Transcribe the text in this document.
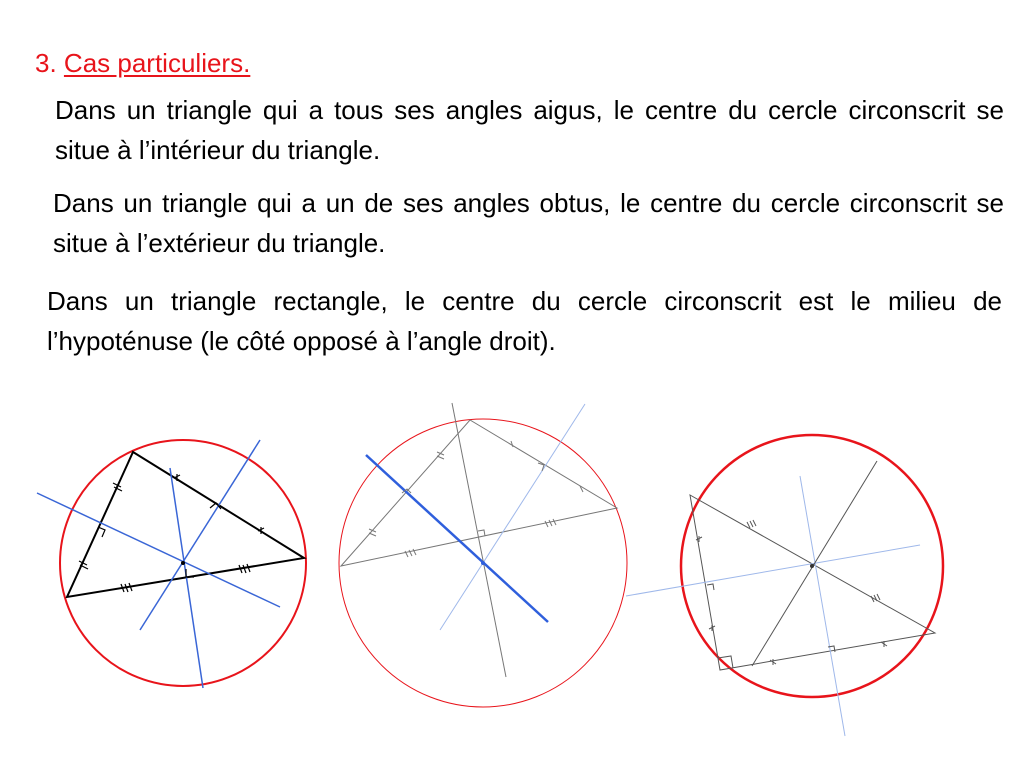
3. Cas particuliers.
Dans un triangle qui a tous ses angles aigus, le centre du cercle circonscrit se situe à l’intérieur du triangle.
Dans un triangle qui a un de ses angles obtus, le centre du cercle circonscrit se situe à l’extérieur du triangle.
Dans un triangle rectangle, le centre du cercle circonscrit est le milieu de l’hypoténuse (le côté opposé à l’angle droit).
